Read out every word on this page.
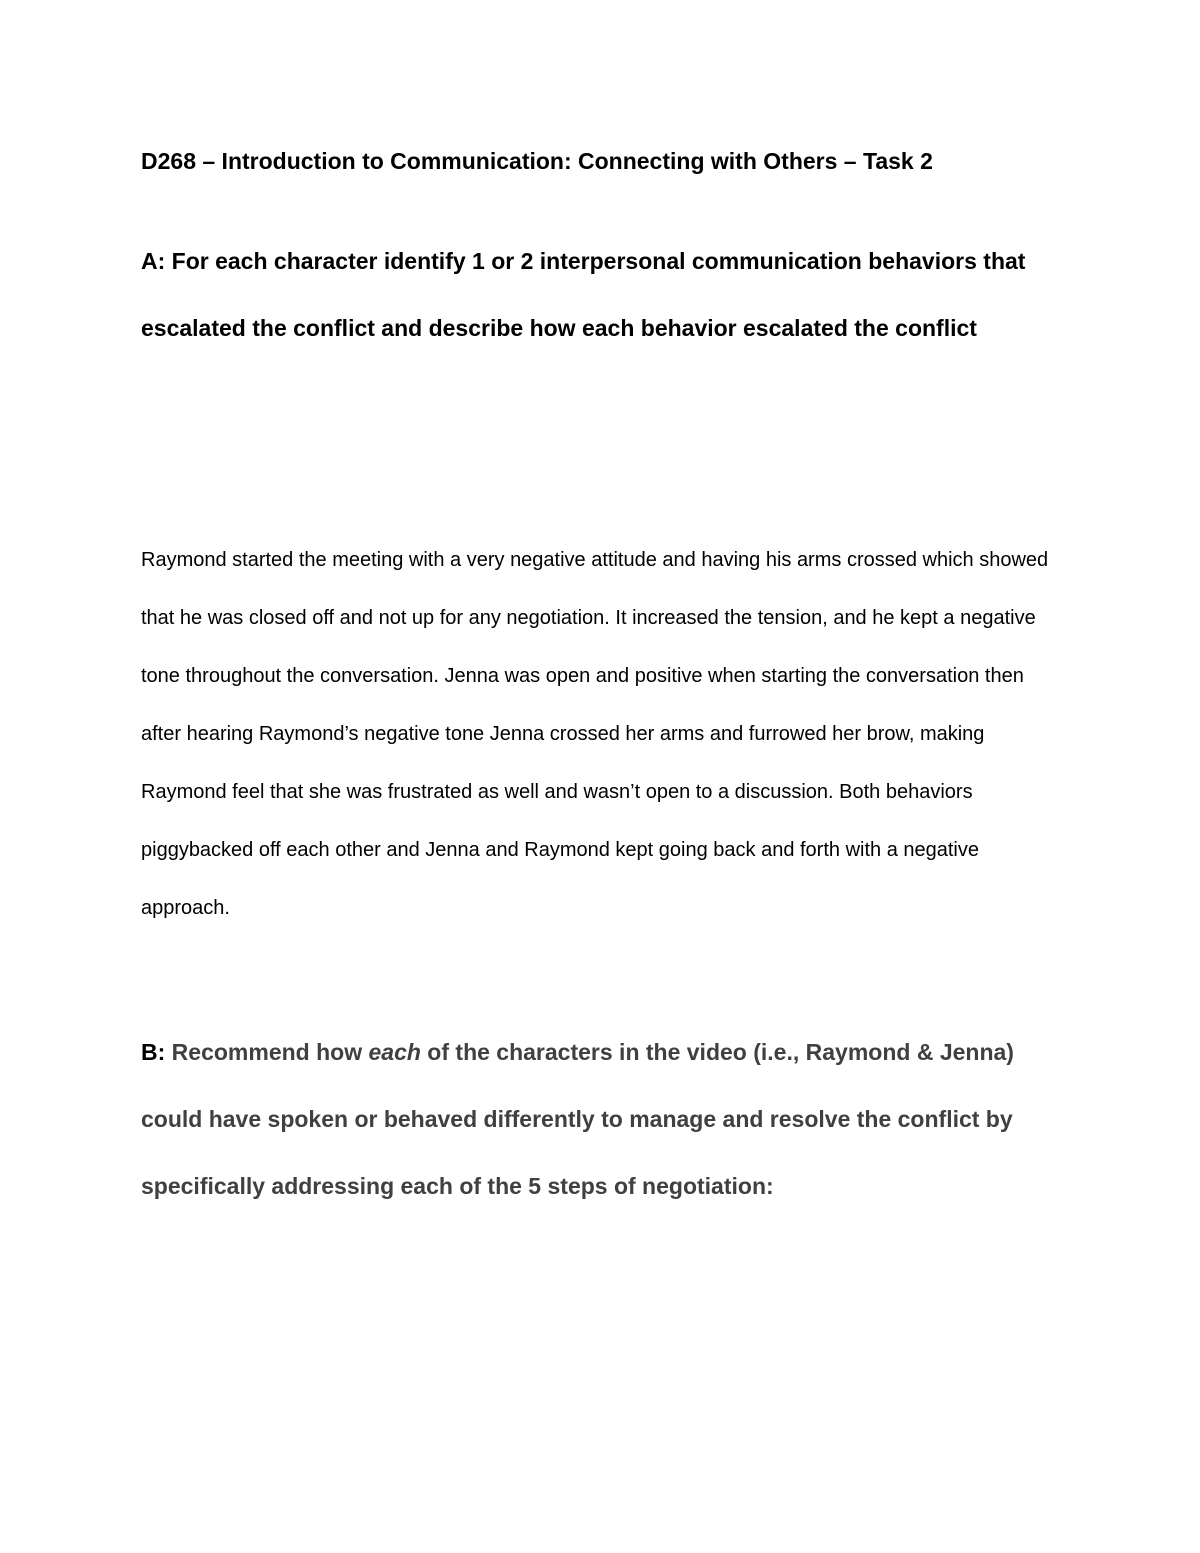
D268 – Introduction to Communication: Connecting with Others – Task 2
A: For each character identify 1 or 2 interpersonal communication behaviors that escalated the conflict and describe how each behavior escalated the conflict

Raymond started the meeting with a very negative attitude and having his arms crossed which showed that he was closed off and not up for any negotiation. It increased the tension, and he kept a negative tone throughout the conversation. Jenna was open and positive when starting the conversation then after hearing Raymond’s negative tone Jenna crossed her arms and furrowed her brow, making Raymond feel that she was frustrated as well and wasn’t open to a discussion. Both behaviors piggybacked off each other and Jenna and Raymond kept going back and forth with a negative approach.

B: Recommend how each of the characters in the video (i.e., Raymond & Jenna) could have spoken or behaved differently to manage and resolve the conflict by specifically addressing each of the 5 steps of negotiation:
